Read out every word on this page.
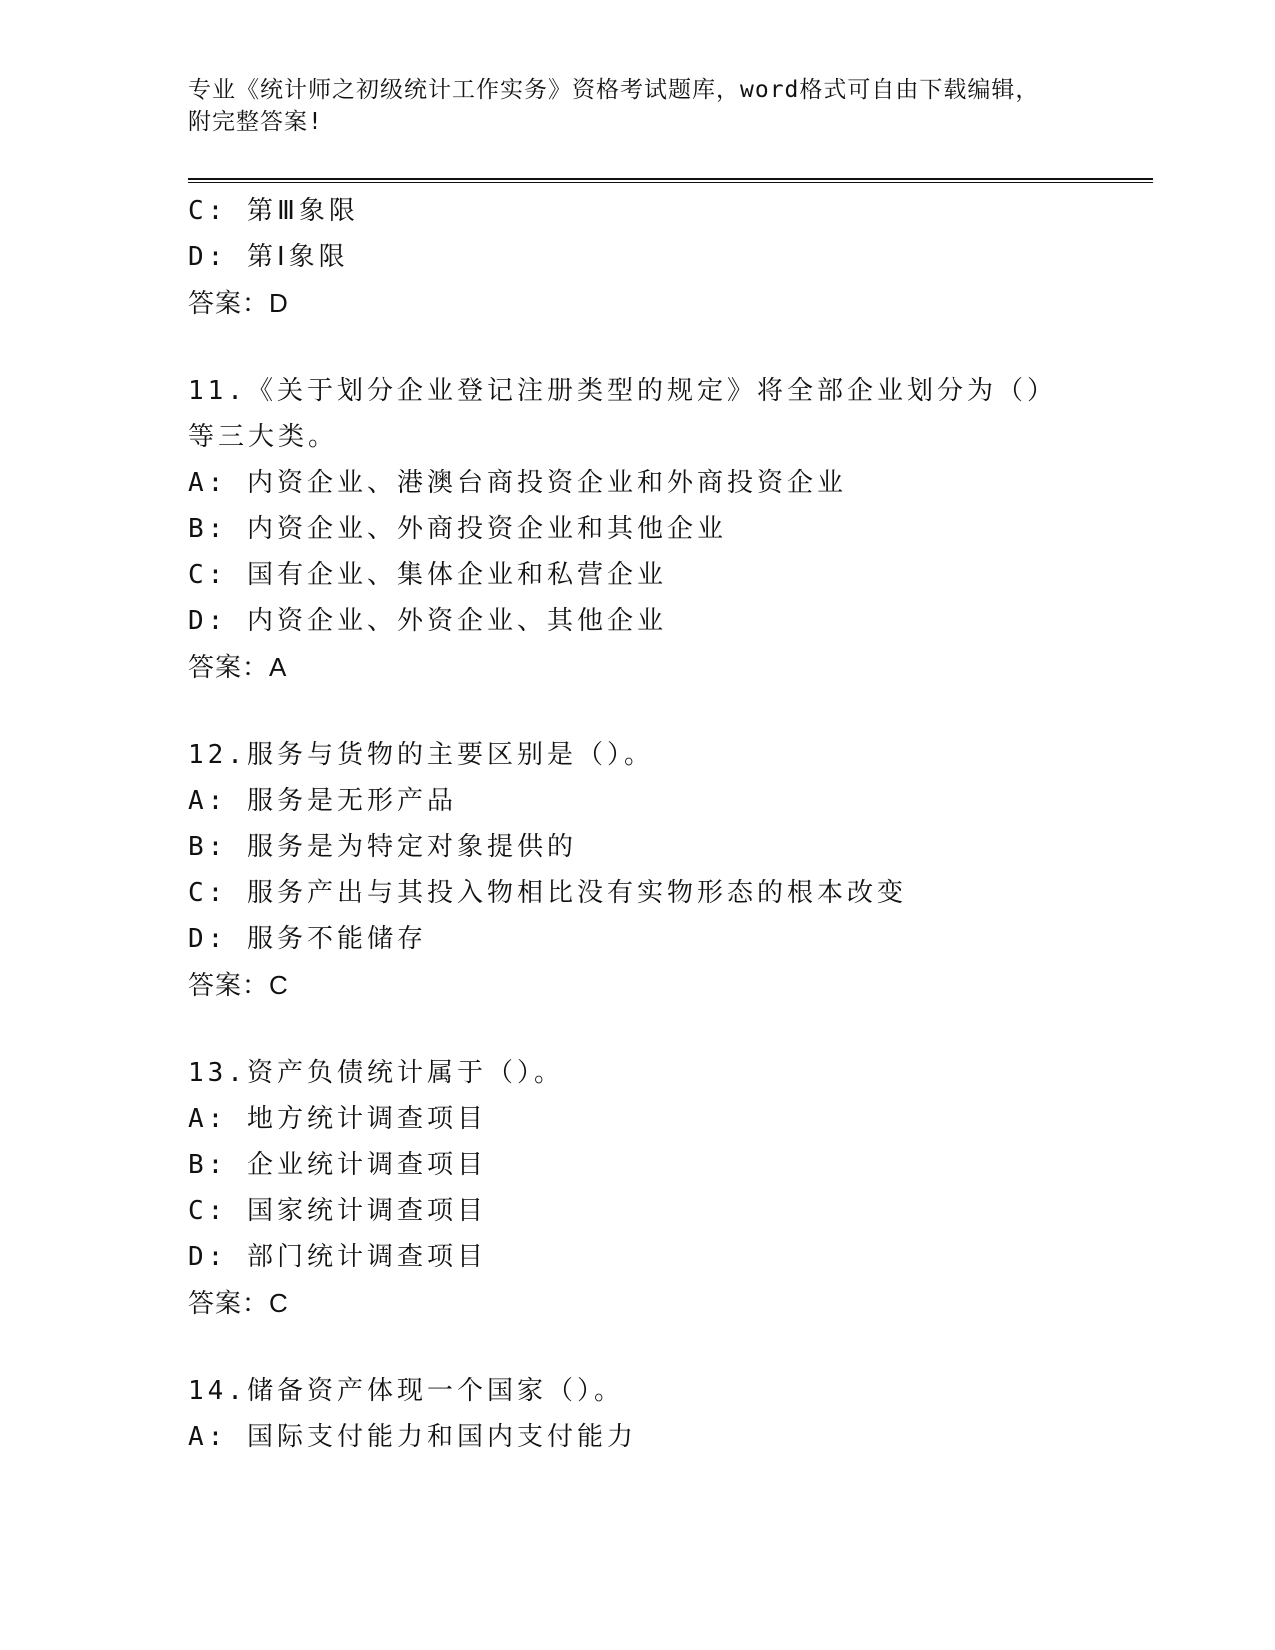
专业《统计师之初级统计工作实务》资格考试题库，word格式可自由下载编辑，
附完整答案!
C: 第Ⅲ象限
D: 第Ⅰ象限
答案：D
11.《关于划分企业登记注册类型的规定》将全部企业划分为（）等三大类。
A: 内资企业、港澳台商投资企业和外商投资企业
B: 内资企业、外商投资企业和其他企业
C: 国有企业、集体企业和私营企业
D: 内资企业、外资企业、其他企业
答案：A
12.服务与货物的主要区别是（）。
A: 服务是无形产品
B: 服务是为特定对象提供的
C: 服务产出与其投入物相比没有实物形态的根本改变
D: 服务不能储存
答案：C
13.资产负债统计属于（）。
A: 地方统计调查项目
B: 企业统计调查项目
C: 国家统计调查项目
D: 部门统计调查项目
答案：C
14.储备资产体现一个国家（）。
A: 国际支付能力和国内支付能力
